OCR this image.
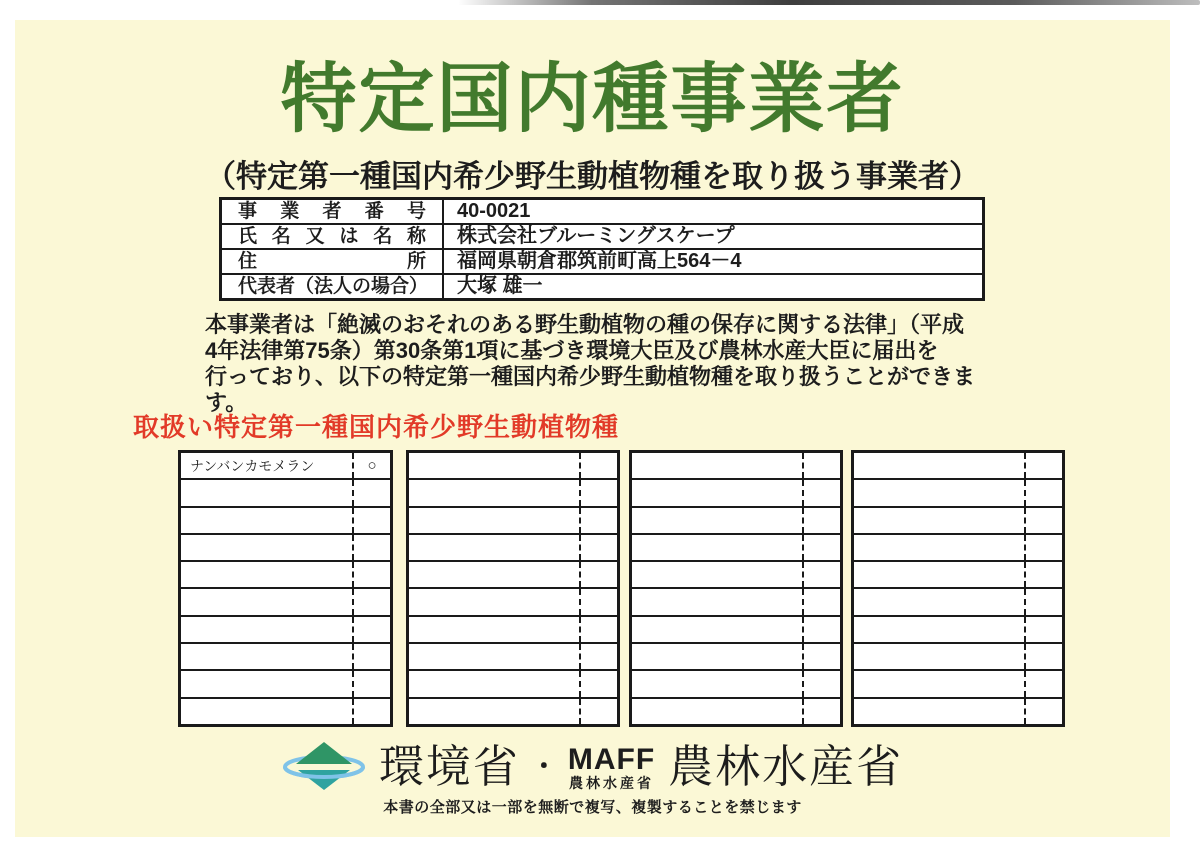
特定国内種事業者
（特定第一種国内希少野生動植物種を取り扱う事業者）
事業者番号	40-0021
氏名又は名称	株式会社ブルーミングスケープ
住所	福岡県朝倉郡筑前町高上564－4
代表者（法人の場合）	大塚 雄一
本事業者は「絶滅のおそれのある野生動植物の種の保存に関する法律」（平成
4年法律第75条）第30条第1項に基づき環境大臣及び農林水産大臣に届出を
行っており、以下の特定第一種国内希少野生動植物種を取り扱うことができます。
取扱い特定第一種国内希少野生動植物種
ナンバンカモメラン	○
環境省 ・ MAFF
農林水産省 農林水産省
本書の全部又は一部を無断で複写、複製することを禁じます
